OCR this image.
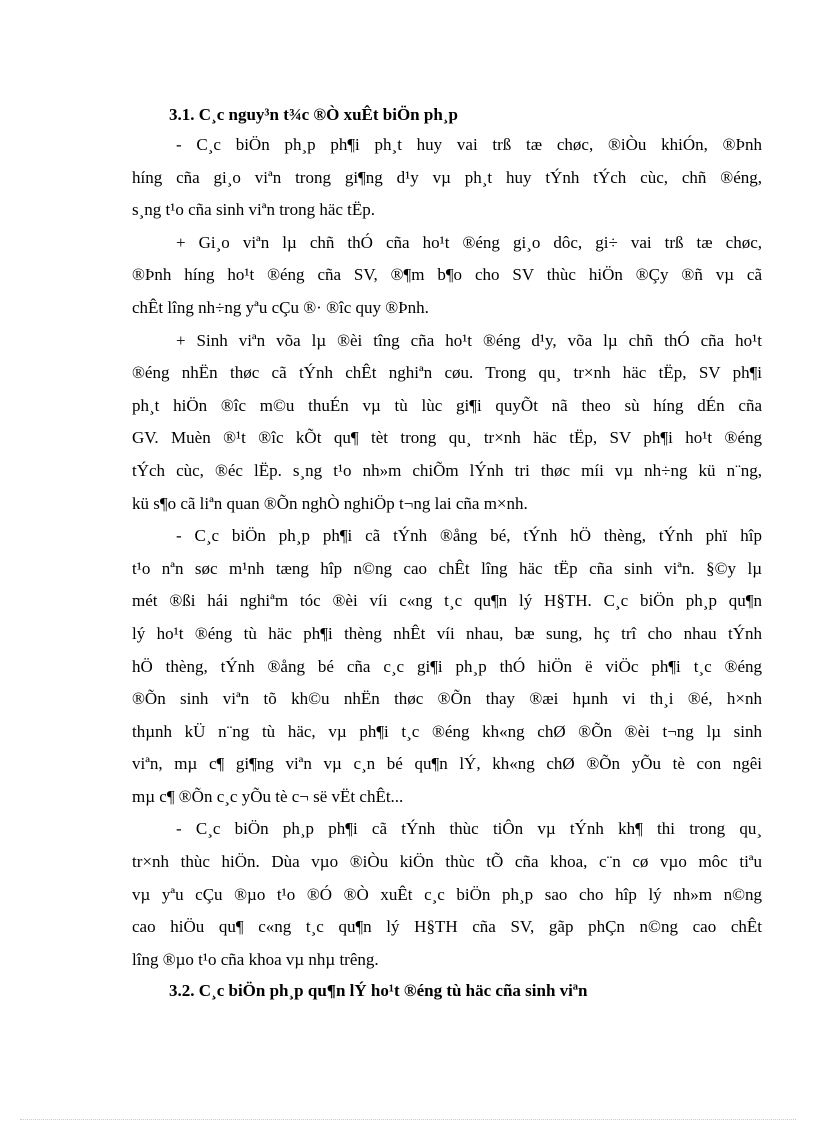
3.1. C¸c nguy³n t¾c ®Ò xuÊt biÖn ph¸p
- C¸c biÖn ph¸p ph¶i ph¸t huy vai trß tæ chøc, ®iÒu khiÓn, ®Þnh
híng cña gi¸o viªn trong gi¶ng d¹y vµ ph¸t huy tÝnh tÝch cùc, chñ ®éng,
s¸ng t¹o cña sinh viªn trong häc tËp.
+ Gi¸o viªn lµ chñ thÓ cña ho¹t ®éng gi¸o dôc, gi÷ vai trß tæ chøc,
®Þnh híng ho¹t ®éng cña SV, ®¶m b¶o cho SV thùc hiÖn ®Çy ®ñ vµ cã
chÊt lîng nh÷ng yªu cÇu ®· ®îc quy ®Þnh.
+ Sinh viªn võa lµ ®èi tîng cña ho¹t ®éng d¹y, võa lµ chñ thÓ cña ho¹t
®éng nhËn thøc cã tÝnh chÊt nghiªn cøu. Trong qu¸ tr×nh häc tËp, SV ph¶i
ph¸t hiÖn ®îc m©u thuÉn vµ tù lùc gi¶i quyÕt nã theo sù híng dÉn cña
GV. Muèn ®¹t ®îc kÕt qu¶ tèt trong qu¸ tr×nh häc tËp, SV ph¶i ho¹t ®éng
tÝch cùc, ®éc lËp. s¸ng t¹o nh»m chiÕm lÝnh tri thøc míi vµ nh÷ng kü n¨ng,
kü s¶o cã liªn quan ®Õn nghÒ nghiÖp t¬ng lai cña m×nh.
- C¸c biÖn ph¸p ph¶i cã tÝnh ®ång bé, tÝnh hÖ thèng, tÝnh phï hîp
t¹o nªn søc m¹nh tæng hîp n©ng cao chÊt lîng häc tËp cña sinh viªn. §©y lµ
mét ®ßi hái nghiªm tóc ®èi víi c«ng t¸c qu¶n lý H§TH. C¸c biÖn ph¸p qu¶n
lý ho¹t ®éng tù häc ph¶i thèng nhÊt víi nhau, bæ sung, hç trî cho nhau tÝnh
hÖ thèng, tÝnh ®ång bé cña c¸c gi¶i ph¸p thÓ hiÖn ë viÖc ph¶i t¸c ®éng
®Õn sinh viªn tõ kh©u nhËn thøc ®Õn thay ®æi hµnh vi th¸i ®é, h×nh
thµnh kÜ n¨ng tù häc, vµ ph¶i t¸c ®éng kh«ng chØ ®Õn ®èi t¬ng lµ sinh
viªn, mµ c¶ gi¶ng viªn vµ c¸n bé qu¶n lÝ, kh«ng chØ ®Õn yÕu tè con ngêi
mµ c¶ ®Õn c¸c yÕu tè c¬ së vËt chÊt...
- C¸c biÖn ph¸p ph¶i cã tÝnh thùc tiÔn vµ tÝnh kh¶ thi trong qu¸
tr×nh thùc hiÖn. Dùa vµo ®iÒu kiÖn thùc tÕ cña khoa, c¨n cø vµo môc tiªu
vµ yªu cÇu ®µo t¹o ®Ó ®Ò xuÊt c¸c biÖn ph¸p sao cho hîp lý nh»m n©ng
cao hiÖu qu¶ c«ng t¸c qu¶n lý H§TH cña SV, gãp phÇn n©ng cao chÊt
lîng ®µo t¹o cña khoa vµ nhµ trêng.
3.2. C¸c biÖn ph¸p qu¶n lÝ ho¹t ®éng tù häc cña sinh viªn
